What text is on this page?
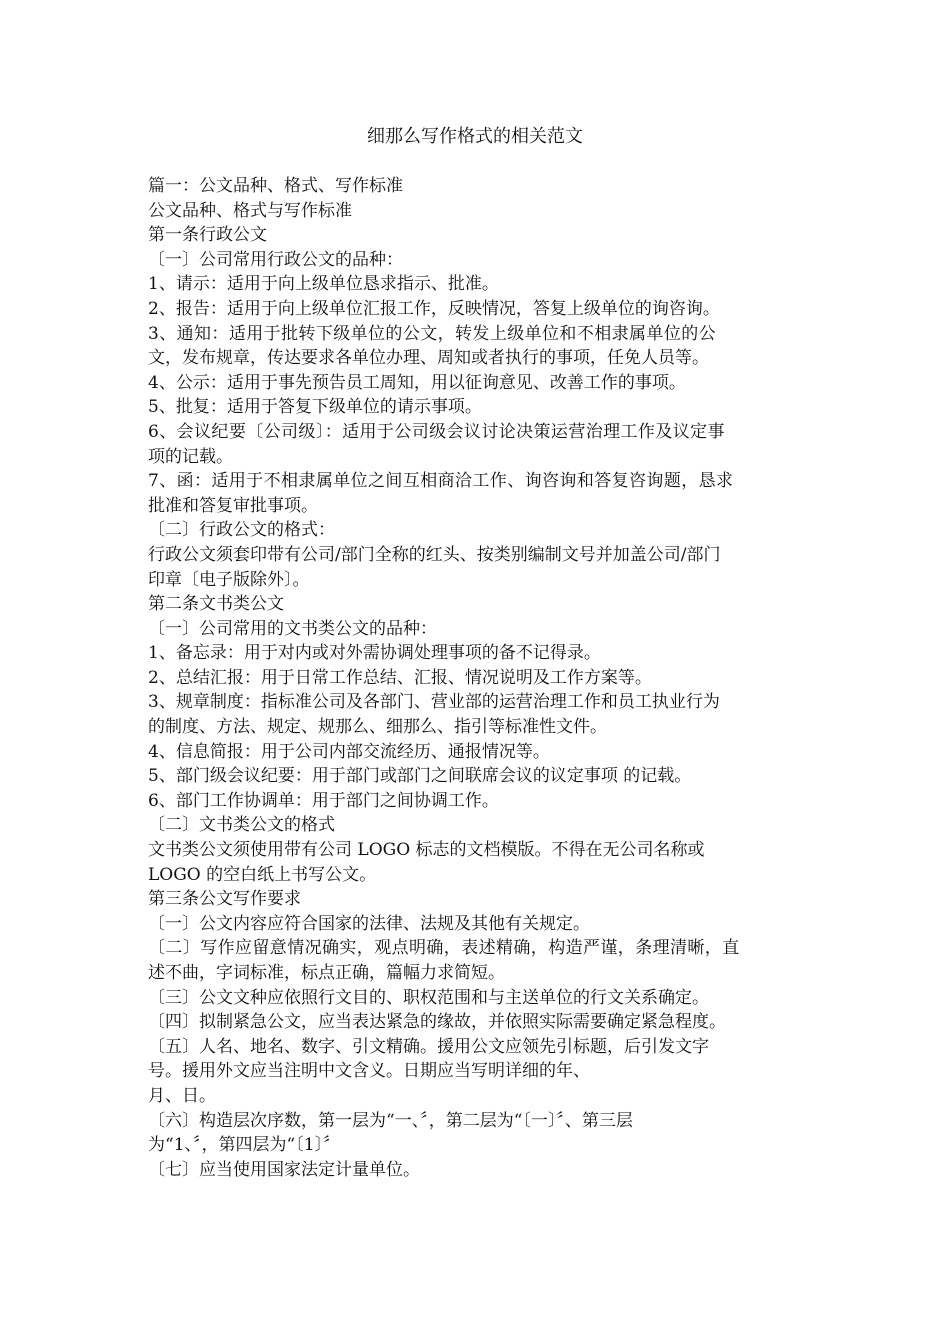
细那么写作格式的相关范文
篇一：公文品种、格式、写作标准
公文品种、格式与写作标准
第一条行政公文
〔一〕公司常用行政公文的品种：
1、请示：适用于向上级单位恳求指示、批准。
2、报告：适用于向上级单位汇报工作，反映情况，答复上级单位的询咨询。
3、通知：适用于批转下级单位的公文，转发上级单位和不相隶属单位的公
文，发布规章，传达要求各单位办理、周知或者执行的事项，任免人员等。
4、公示：适用于事先预告员工周知，用以征询意见、改善工作的事项。
5、批复：适用于答复下级单位的请示事项。
6、会议纪要〔公司级〕：适用于公司级会议讨论决策运营治理工作及议定事
项的记载。
7、函：适用于不相隶属单位之间互相商洽工作、询咨询和答复咨询题，恳求
批准和答复审批事项。
〔二〕行政公文的格式：
行政公文须套印带有公司/部门全称的红头、按类别编制文号并加盖公司/部门
印章〔电子版除外〕。
第二条文书类公文
〔一〕公司常用的文书类公文的品种：
1、备忘录：用于对内或对外需协调处理事项的备不记得录。
2、总结汇报：用于日常工作总结、汇报、情况说明及工作方案等。
3、规章制度：指标准公司及各部门、营业部的运营治理工作和员工执业行为
的制度、方法、规定、规那么、细那么、指引等标准性文件。
4、信息简报：用于公司内部交流经历、通报情况等。
5、部门级会议纪要：用于部门或部门之间联席会议的议定事项 的记载。
6、部门工作协调单：用于部门之间协调工作。
〔二〕文书类公文的格式
文书类公文须使用带有公司 LOGO 标志的文档模版。不得在无公司名称或
LOGO 的空白纸上书写公文。
第三条公文写作要求
〔一〕公文内容应符合国家的法律、法规及其他有关规定。
〔二〕写作应留意情况确实，观点明确，表述精确，构造严谨，条理清晰，直
述不曲，字词标准，标点正确，篇幅力求简短。
〔三〕公文文种应依照行文目的、职权范围和与主送单位的行文关系确定。
〔四〕拟制紧急公文，应当表达紧急的缘故，并依照实际需要确定紧急程度。
〔五〕人名、地名、数字、引文精确。援用公文应领先引标题，后引发文字
号。援用外文应当注明中文含义。日期应当写明详细的年、
月、日。
〔六〕构造层次序数，第一层为“一、〞，第二层为“〔一〕〞、第三层
为“1、〞，第四层为“〔1〕〞
〔七〕应当使用国家法定计量单位。
